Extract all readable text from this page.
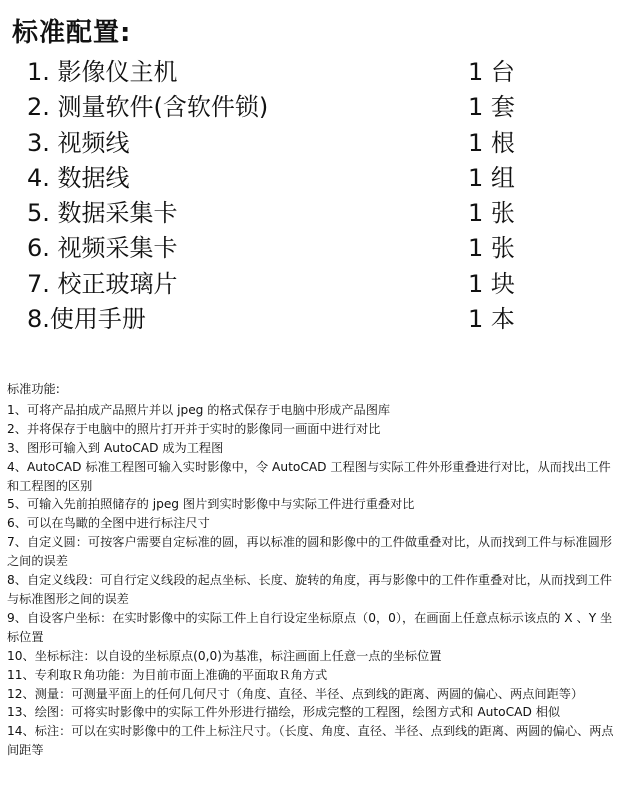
标准配置:
1. 影像仪主机	1 台
2. 测量软件(含软件锁)	1 套
3. 视频线	1 根
4. 数据线	1 组
5. 数据采集卡	1 张
6. 视频采集卡	1 张
7. 校正玻璃片	1 块
8.使用手册	1 本

标准功能:

1、可将产品拍成产品照片并以 jpeg 的格式保存于电脑中形成产品图库

2、并将保存于电脑中的照片打开并于实时的影像同一画面中进行对比

3、图形可输入到 AutoCAD 成为工程图

4、AutoCAD 标准工程图可输入实时影像中，令 AutoCAD 工程图与实际工件外形重叠进行对比，从而找出工件和工程图的区别

5、可输入先前拍照储存的 jpeg 图片到实时影像中与实际工件进行重叠对比

6、可以在鸟瞰的全图中进行标注尺寸

7、自定义圆：可按客户需要自定标准的圆，再以标准的圆和影像中的工件做重叠对比，从而找到工件与标准圆形之间的误差

8、自定义线段：可自行定义线段的起点坐标、长度、旋转的角度，再与影像中的工件作重叠对比，从而找到工件与标准图形之间的误差

9、自设客户坐标：在实时影像中的实际工件上自行设定坐标原点（0，0），在画面上任意点标示该点的 X 、Y 坐标位置

10、坐标标注：以自设的坐标原点(0,0)为基准，标注画面上任意一点的坐标位置

11、专利取Ｒ角功能：为目前市面上准确的平面取Ｒ角方式

12、测量：可测量平面上的任何几何尺寸（角度、直径、半径、点到线的距离、两圆的偏心、两点间距等）

13、绘图：可将实时影像中的实际工件外形进行描绘，形成完整的工程图，绘图方式和 AutoCAD 相似

14、标注：可以在实时影像中的工件上标注尺寸。（长度、角度、直径、半径、点到线的距离、两圆的偏心、两点间距等
